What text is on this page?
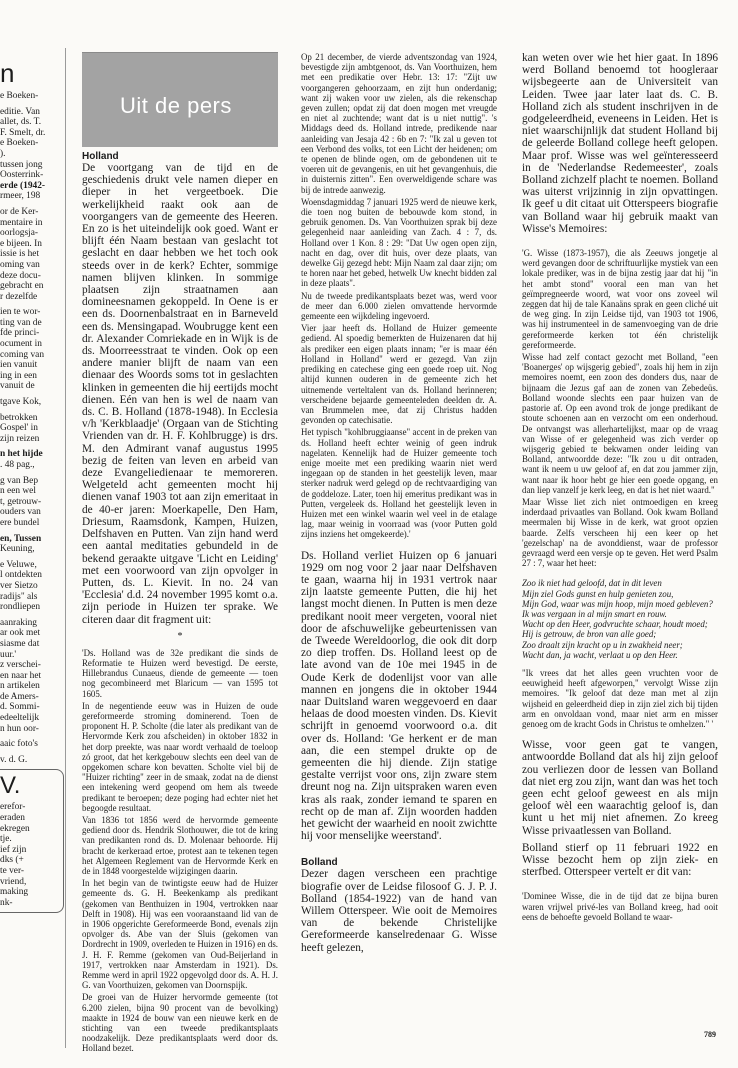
n

e Boeken-

editie. Van

allet, ds. T.

F. Smelt, dr.

e Boeken-

).

tussen jong

Oosterrink-

erde (1942-

rmeer, 198

or de Ker-

mentaire in

oorlogsja-

e bijeen. In

issie is het

oming van

deze docu-

gebracht en

r dezelfde

ien te wor-

ting van de

fde princi-

ocument in

coming van

ien vanuit

ing in een

vanuit de

tgave Kok,

betrokken

Gospel' in

zijn reizen

n het hijde

. 48 pag.,

g van Bep

n een wel

t, getrouw-

ouders van

ere bundel

en, Tussen

Keuning,

e Veluwe,

l ontdekten

ver Sietzo

radijs" als

rondliepen

aanraking

ar ook met

siasme dat

uur.'

z verschei-

en naar het

n artikelen

de Amers-

d. Sommi-

edeeltelijk

n hun oor-

aaic foto's

v. d. G.

V.

erefor-

eraden

ekregen

tje.

ief zijn

dks (+

te ver-

vriend,

making

nk-

Uit de pers
Holland

De voortgang van de tijd en de geschiedenis drukt vele namen dieper en dieper in het vergeetboek. Die werkelijkheid raakt ook aan de voorgangers van de gemeente des Heeren. En zo is het uiteindelijk ook goed. Want er blijft één Naam bestaan van geslacht tot geslacht en daar hebben we het toch ook steeds over in de kerk? Echter, sommige namen blijven klinken. In sommige plaatsen zijn straatnamen aan domineesnamen gekoppeld. In Oene is er een ds. Doornenbalstraat en in Barneveld een ds. Mensingapad. Woubrugge kent een dr. Alexander Comriekade en in Wijk is de ds. Moorreesstraat te vinden. Ook op een andere manier blijft de naam van een dienaar des Woords soms tot in geslachten klinken in gemeenten die hij eertijds mocht dienen. Eén van hen is wel de naam van ds. C. B. Holland (1878-1948). In Ecclesia v/h 'Kerkblaadje' (Orgaan van de Stichting Vrienden van dr. H. F. Kohlbrugge) is drs. M. den Admirant vanaf augustus 1995 bezig de feiten van leven en arbeid van deze Evangeliedienaar te memoreren. Welgeteld acht gemeenten mocht hij dienen vanaf 1903 tot aan zijn emeritaat in de 40-er jaren: Moerkapelle, Den Ham, Driesum, Raamsdonk, Kampen, Huizen, Delfshaven en Putten. Van zijn hand werd een aantal meditaties gebundeld in de bekend geraakte uitgave 'Licht en Leiding' met een voorwoord van zijn opvolger in Putten, ds. L. Kievit. In no. 24 van 'Ecclesia' d.d. 24 november 1995 komt o.a. zijn periode in Huizen ter sprake. We citeren daar dit fragment uit:

*

'Ds. Holland was de 32e predikant die sinds de Reformatie te Huizen werd bevestigd. De eerste, Hillebrandus Cunaeus, diende de gemeente — toen nog gecombineerd met Blaricum — van 1595 tot 1605.

In de negentiende eeuw was in Huizen de oude gereformeerde stroming dominerend. Toen de proponent H. P. Scholte (die later als predikant van de Hervormde Kerk zou afscheiden) in oktober 1832 in het dorp preekte, was naar wordt verhaald de toeloop zó groot, dat het kerkgebouw slechts een deel van de opgekomen schare kon bevatten. Scholte viel bij de "Huizer richting" zeer in de smaak, zodat na de dienst een intekening werd geopend om hem als tweede predikant te beroepen; deze poging had echter niet het begoogde resultaat.

Van 1836 tot 1856 werd de hervormde gemeente gediend door ds. Hendrik Slothouwer, die tot de kring van predikanten rond ds. D. Molenaar behoorde. Hij bracht de kerkeraad ertoe, protest aan te tekenen tegen het Algemeen Reglement van de Hervormde Kerk en de in 1848 voorgestelde wijzigingen daarin.

In het begin van de twintigste eeuw had de Huizer gemeente ds. G. H. Beekenkamp als predikant (gekomen van Benthuizen in 1904, vertrokken naar Delft in 1908). Hij was een vooraanstaand lid van de in 1906 opgerichte Gereformeerde Bond, evenals zijn opvolger ds. Abe van der Sluis (gekomen van Dordrecht in 1909, overleden te Huizen in 1916) en ds. J. H. F. Remme (gekomen van Oud-Beijerland in 1917, vertrokken naar Amsterdam in 1921). Ds. Remme werd in april 1922 opgevolgd door ds. A. H. J. G. van Voorthuizen, gekomen van Doornspijk.

De groei van de Huizer hervormde gemeente (tot 6.200 zielen, bijna 90 procent van de bevolking) maakte in 1924 de bouw van een nieuwe kerk en de stichting van een tweede predikantsplaats noodzakelijk. Deze predikantsplaats werd door ds. Holland bezet.

Op 21 december, de vierde adventszondag van 1924, bevestigde zijn ambtgenoot, ds. Van Voorthuizen, hem met een predikatie over Hebr. 13: 17: "Zijt uw voorgangeren gehoorzaam, en zijt hun onderdanig; want zij waken voor uw zielen, als die rekenschap geven zullen; opdat zij dat doen mogen met vreugde en niet al zuchtende; want dat is u niet nuttig". 's Middags deed ds. Holland intrede, predikende naar aanleiding van Jesaja 42 : 6b en 7: "Ik zal u geven tot een Verbond des volks, tot een Licht der heidenen; om te openen de blinde ogen, om de gebondenen uit te voeren uit de gevangenis, en uit het gevangenhuis, die in duisternis zitten". Een overweldigende schare was bij de intrede aanwezig.

Woensdagmiddag 7 januari 1925 werd de nieuwe kerk, die toen nog buiten de bebouwde kom stond, in gebruik genomen. Ds. Van Voorthuizen sprak bij deze gelegenheid naar aanleiding van Zach. 4 : 7, ds. Holland over 1 Kon. 8 : 29: "Dat Uw ogen open zijn, nacht en dag, over dit huis, over deze plaats, van dewelke Gij gezegd hebt: Mijn Naam zal daar zijn; om te horen naar het gebed, hetwelk Uw knecht bidden zal in deze plaats".

Nu de tweede predikantsplaats bezet was, werd voor de meer dan 6.000 zielen omvattende hervormde gemeente een wijkdeling ingevoerd.

Vier jaar heeft ds. Holland de Huizer gemeente gediend. Al spoedig bemerkten de Huizenaren dat hij als prediker een eigen plaats innam; "er is maar één Holland in Holland" werd er gezegd. Van zijn prediking en catechese ging een goede roep uit. Nog altijd kunnen ouderen in de gemeente zich het uitnemende verteltalent van ds. Holland herinneren; verscheidene bejaarde gemeenteleden deelden dr. A. van Brummelen mee, dat zij Christus hadden gevonden op catechisatie.

Het typisch "kohlbruggiaanse" accent in de preken van ds. Holland heeft echter weinig of geen indruk nagelaten. Kennelijk had de Huizer gemeente toch enige moeite met een prediking waarin niet werd ingegaan op de standen in het geestelijk leven, maar sterker nadruk werd gelegd op de rechtvaardiging van de goddeloze. Later, toen hij emeritus predikant was in Putten, vergeleek ds. Holland het geestelijk leven in Huizen met een winkel waarin wel veel in de etalage lag, maar weinig in voorraad was (voor Putten gold zijns inziens het omgekeerde).'

Ds. Holland verliet Huizen op 6 januari 1929 om nog voor 2 jaar naar Delfshaven te gaan, waarna hij in 1931 vertrok naar zijn laatste gemeente Putten, die hij het langst mocht dienen. In Putten is men deze predikant nooit meer vergeten, vooral niet door de afschuwelijke gebeurtenissen van de Tweede Wereldoorlog, die ook dit dorp zo diep troffen. Ds. Holland leest op de late avond van de 10e mei 1945 in de Oude Kerk de dodenlijst voor van alle mannen en jongens die in oktober 1944 naar Duitsland waren weggevoerd en daar helaas de dood moesten vinden. Ds. Kievit schrijft in genoemd voorwoord o.a. dit over ds. Holland: 'Ge herkent er de man aan, die een stempel drukte op de gemeenten die hij diende. Zijn statige gestalte verrijst voor ons, zijn zware stem dreunt nog na. Zijn uitspraken waren even kras als raak, zonder iemand te sparen en recht op de man af. Zijn woorden hadden het gewicht der waarheid en nooit zwichtte hij voor menselijke weerstand'.

Bolland

Dezer dagen verscheen een prachtige biografie over de Leidse filosoof G. J. P. J. Bolland (1854-1922) van de hand van Willem Otterspeer. Wie ooit de Memoires van de bekende Christelijke Gereformeerde kanselredenaar G. Wisse heeft gelezen,

kan weten over wie het hier gaat. In 1896 werd Bolland benoemd tot hoogleraar wijsbegeerte aan de Universiteit van Leiden. Twee jaar later laat ds. C. B. Holland zich als student inschrijven in de godgeleerdheid, eveneens in Leiden. Het is niet waarschijnlijk dat student Holland bij de geleerde Bolland college heeft gelopen. Maar prof. Wisse was wel geïnteresseerd in de 'Nederlandse Redemeester', zoals Bolland zichzelf placht te noemen. Bolland was uiterst vrijzinnig in zijn opvattingen. Ik geef u dit citaat uit Otterspeers biografie van Bolland waar hij gebruik maakt van Wisse's Memoires:

'G. Wisse (1873-1957), die als Zeeuws jongetje al werd gevangen door de schriftuurlijke mystiek van een lokale prediker, was in de bijna zestig jaar dat hij "in het ambt stond" vooral een man van het geïmpregneerde woord, wat voor ons zoveel wil zeggen dat hij de tale Kanaäns sprak en geen cliché uit de weg ging. In zijn Leidse tijd, van 1903 tot 1906, was hij instrumenteel in de samenvoeging van de drie gereformeerde kerken tot één christelijk gereformeerde.

Wisse had zelf contact gezocht met Bolland, "een 'Boanerges' op wijsgerig gebied", zoals hij hem in zijn memoires noemt, een zoon des donders dus, naar de bijnaam die Jezus gaf aan de zonen van Zebedeüs. Bolland woonde slechts een paar huizen van de pastorie af. Op een avond trok de jonge predikant de stoute schoenen aan en verzocht om een onderhoud. De ontvangst was allerhartelijkst, maar op de vraag van Wisse of er gelegenheid was zich verder op wijsgerig gebied te bekwamen onder leiding van Bolland, antwoordde deze: "Ik zou u dit ontraden, want ik neem u uw geloof af, en dat zou jammer zijn, want naar ik hoor hebt ge hier een goede opgang, en dan liep vanzelf je kerk leeg, en dat is het niet waard."

Maar Wisse liet zich niet ontmoedigen en kreeg inderdaad privaatles van Bolland. Ook kwam Bolland meermalen bij Wisse in de kerk, wat groot opzien baarde. Zelfs verscheen hij een keer op het 'gezelschap' na de avonddienst, waar de professor gevraagd werd een versje op te geven. Het werd Psalm 27 : 7, waar het heet:

Zoo ik niet had geloofd, dat in dit leven

Mijn ziel Gods gunst en hulp genieten zou,

Mijn God, waar was mijn hoop, mijn moed gebleven?

Ik was vergaan in al mijn smart en rouw.

Wacht op den Heer, godvruchte schaar, houdt moed;

Hij is getrouw, de bron van alle goed;

Zoo draalt zijn kracht op u in zwakheid neer;

Wacht dan, ja wacht, verlaat u op den Heer.

"Ik vrees dat het alles geen vruchten voor de eeuwigheid heeft afgeworpen," vervolgt Wisse zijn memoires. "Ik geloof dat deze man met al zijn wijsheid en geleerdheid diep in zijn ziel zich bij tijden arm en onvoldaan vond, maar niet arm en misser genoeg om de kracht Gods in Christus te omhelzen." '

Wisse, voor geen gat te vangen, antwoordde Bolland dat als hij zijn geloof zou verliezen door de lessen van Bolland dat niet erg zou zijn, want dan was het toch geen echt geloof geweest en als mijn geloof wèl een waarachtig geloof is, dan kunt u het mij niet afnemen. Zo kreeg Wisse privaatlessen van Bolland.

Bolland stierf op 11 februari 1922 en Wisse bezocht hem op zijn ziek- en sterfbed. Otterspeer vertelt er dit van:

'Dominee Wisse, die in de tijd dat ze bijna buren waren vrijwel privé-les van Bolland kreeg, had ooit eens de behoefte gevoeld Bolland te waar-

789
